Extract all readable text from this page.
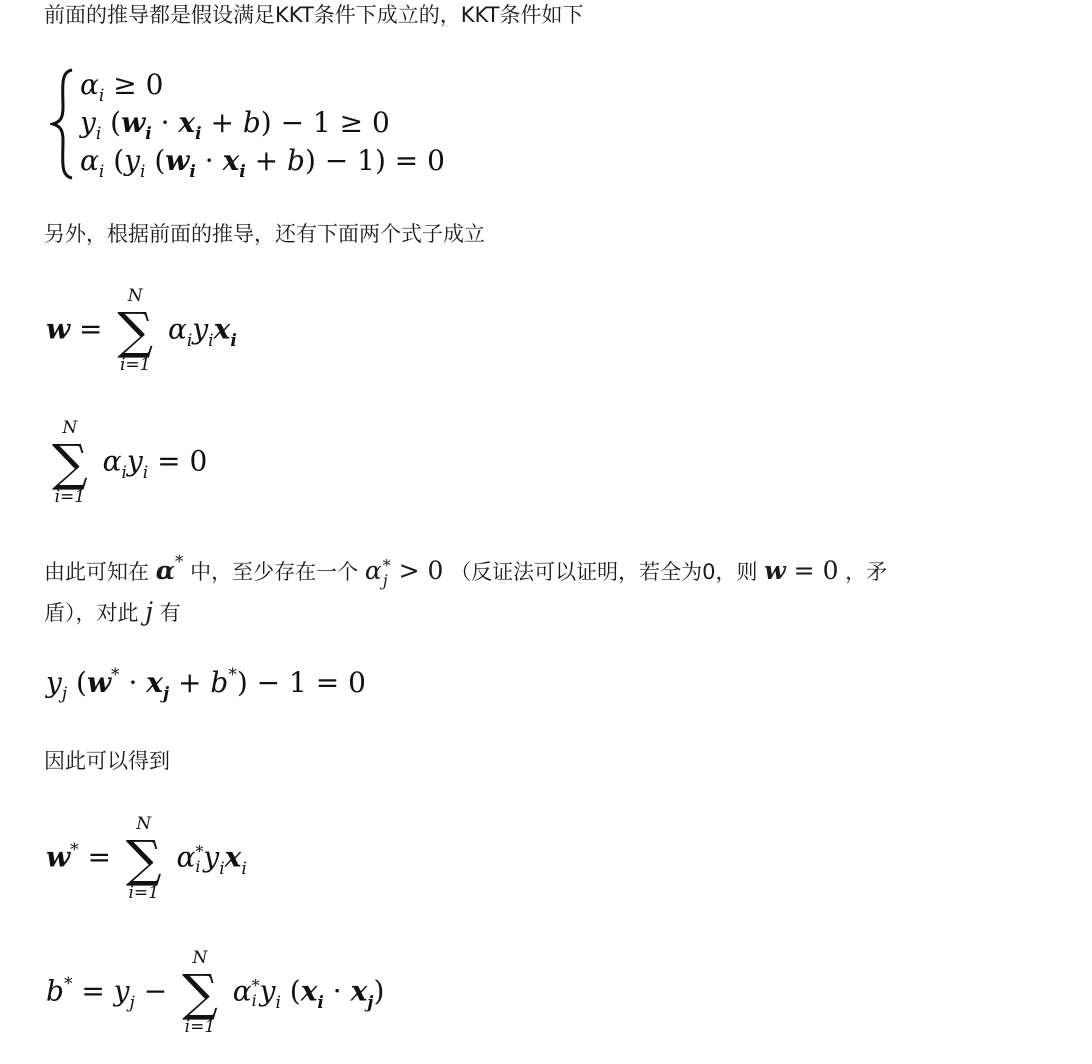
前面的推导都是假设满足KKT条件下成立的，KKT条件如下

$\alpha_i \ge 0$
$y_i$ $(w_i \cdot x_i + b) - 1 \ge 0$
$\alpha_i$ ($y_i$ $(w_i \cdot x_i + b) - 1) = 0$

另外，根据前面的推导，还有下面两个式子成立

w =
N
∑
i=1
$\alpha_iy_ix_i$
N
∑
i=1
$\alpha_iy_i = 0$
由此可知在 α* 中，至少存在一个 α *
j > 0 （反证法可以证明，若全为0，则 w = 0 ，矛
盾），对此 j 有
$y_j$ $(w^* \cdot x_j + b^*) - 1 = 0$

因此可以得到

w* =
N
∑
i=1
α *
i $y_ix_i$
$b^* = y_j$ −
N
∑
i=1
α *
i $y_i$ $(x_i \cdot x_j)$
